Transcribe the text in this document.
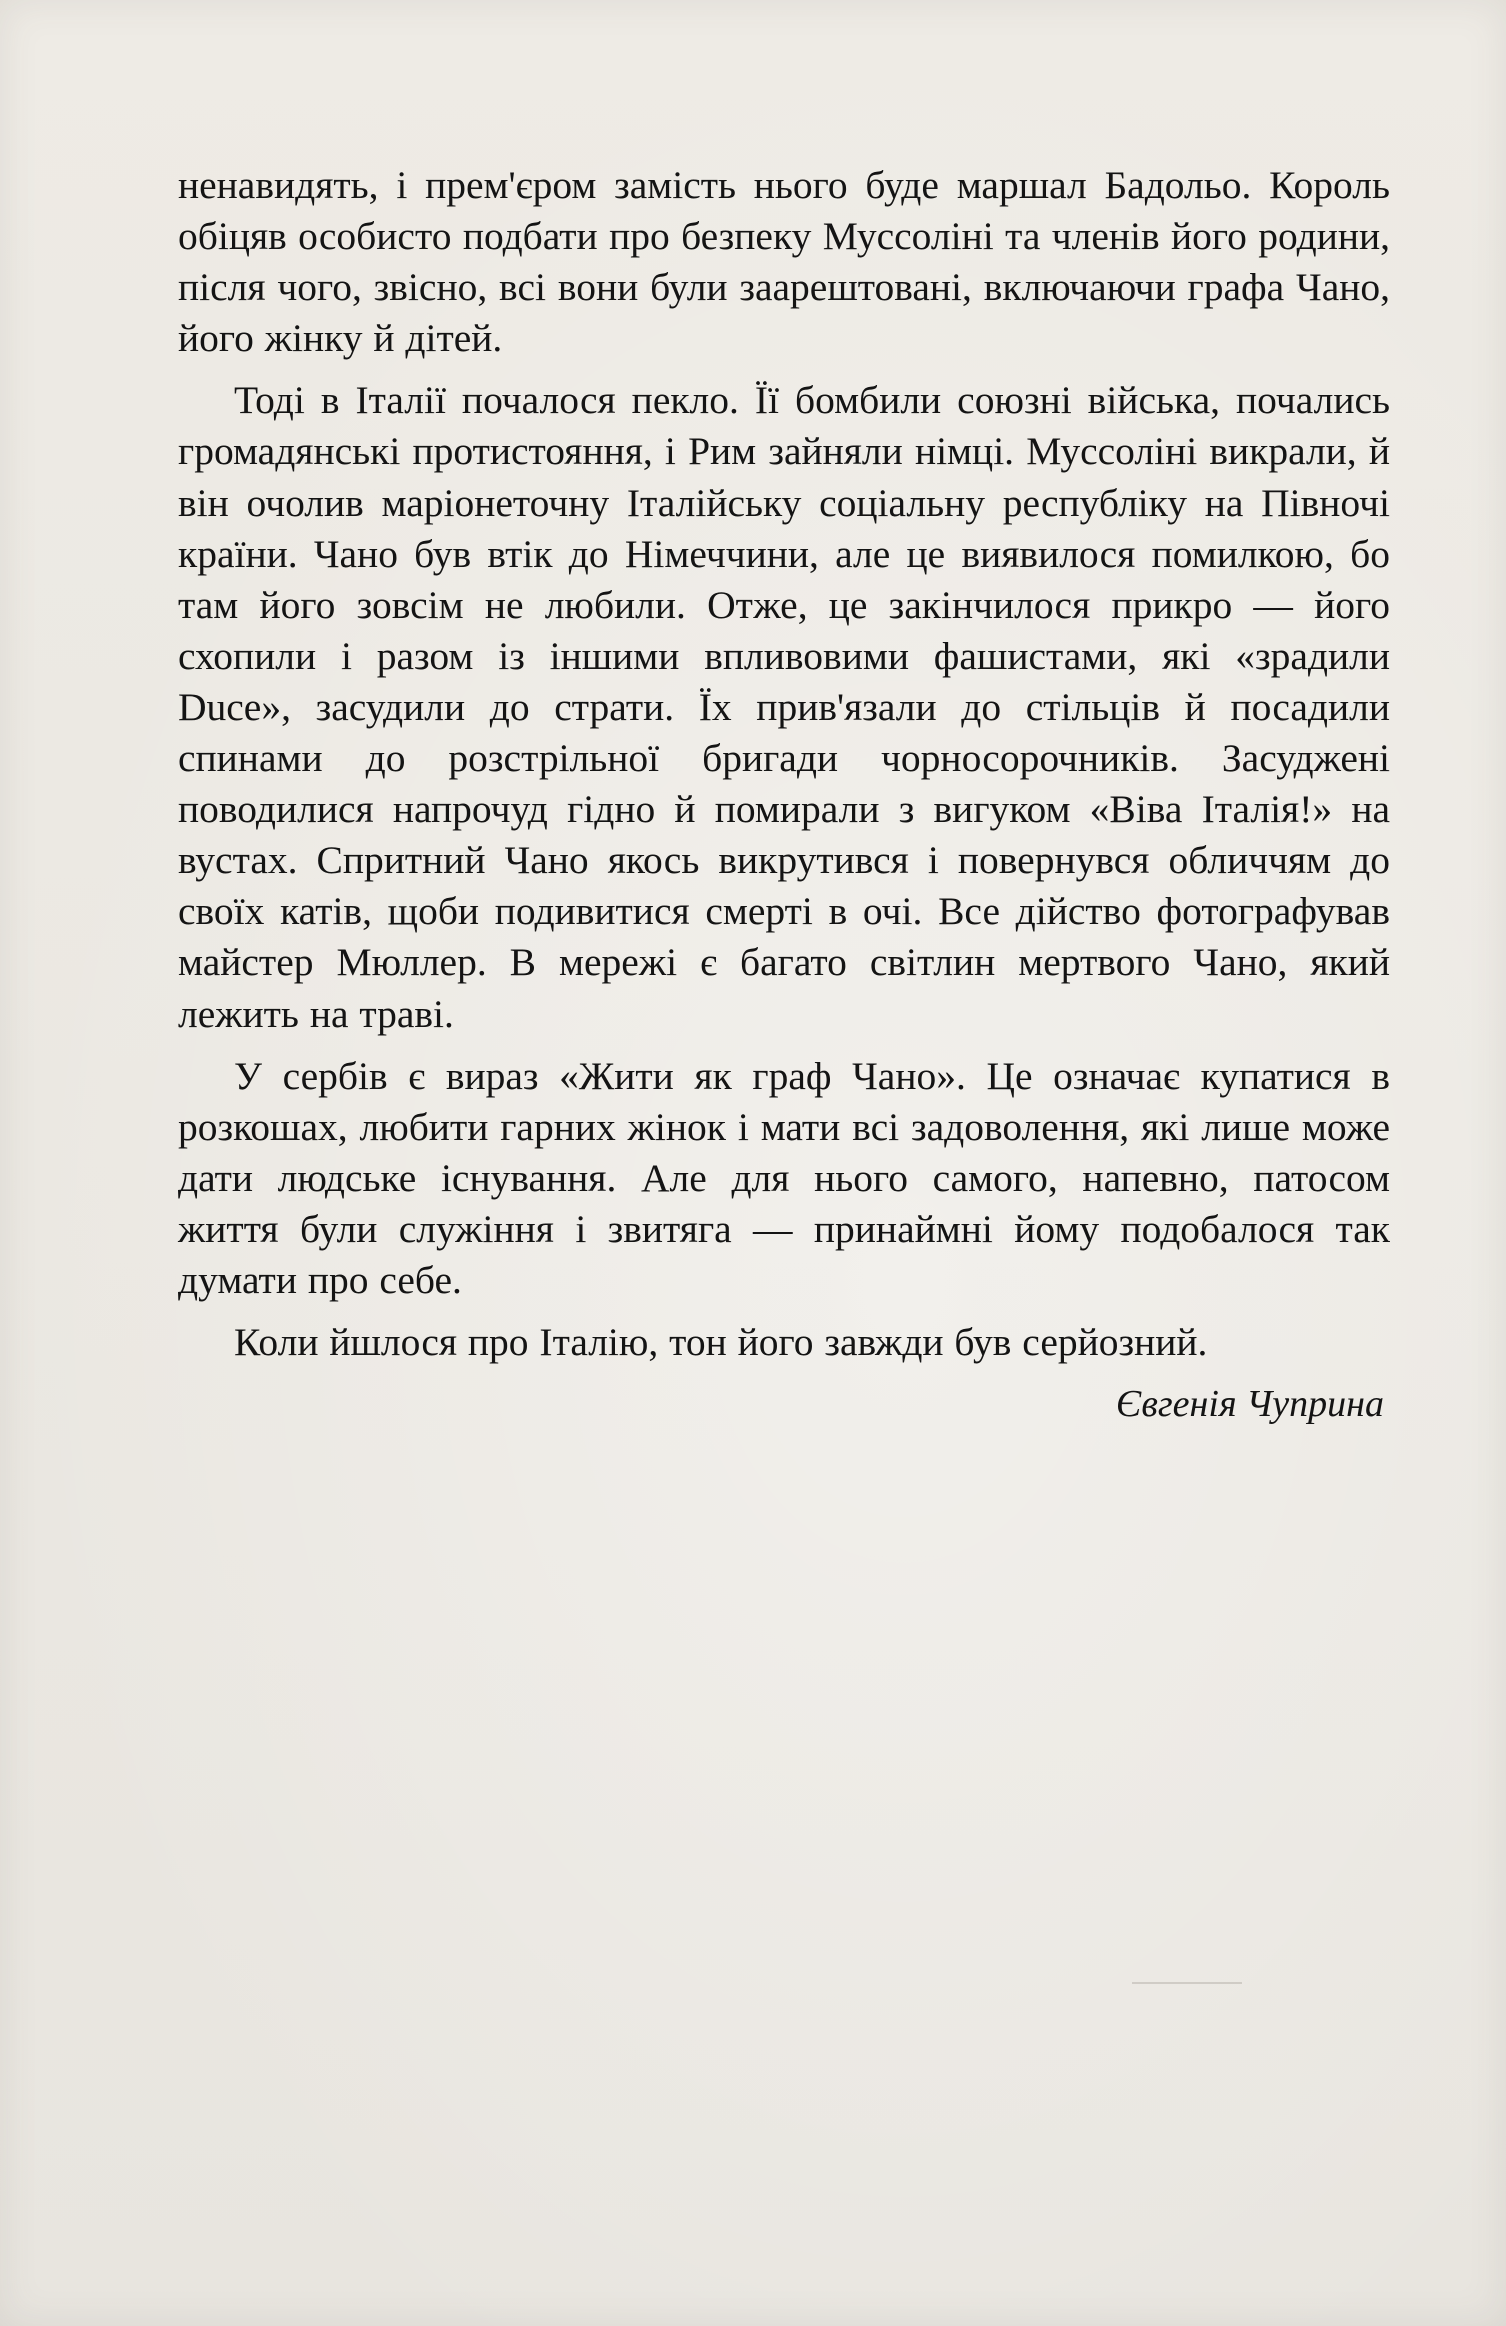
ненавидять, і прем'єром замість нього буде маршал Бадольо. Король обіцяв особисто подбати про безпеку Муссоліні та членів його родини, після чого, звісно, всі вони були заарештовані, включаючи графа Чано, його жінку й дітей.

Тоді в Італії почалося пекло. Її бомбили союзні війська, почались громадянські протистояння, і Рим зайняли німці. Муссоліні викрали, й він очолив маріонеточну Італійську соціальну республіку на Півночі країни. Чано був втік до Німеччини, але це виявилося помилкою, бо там його зовсім не любили. Отже, це закінчилося прикро — його схопили і разом із іншими впливовими фашистами, які «зрадили Duce», засудили до страти. Їх прив'язали до стільців й посадили спинами до розстрільної бригади чорносорочників. Засуджені поводилися напрочуд гідно й помирали з вигуком «Віва Італія!» на вустах. Спритний Чано якось викрутився і повернувся обличчям до своїх катів, щоби подивитися смерті в очі. Все дійство фотографував майстер Мюллер. В мережі є багато світлин мертвого Чано, який лежить на траві.

У сербів є вираз «Жити як граф Чано». Це означає купатися в розкошах, любити гарних жінок і мати всі задоволення, які лише може дати людське існування. Але для нього самого, напевно, патосом життя були служіння і звитяга — принаймні йому подобалося так думати про себе.

Коли йшлося про Італію, тон його завжди був серйозний.

Євгенія Чуприна
